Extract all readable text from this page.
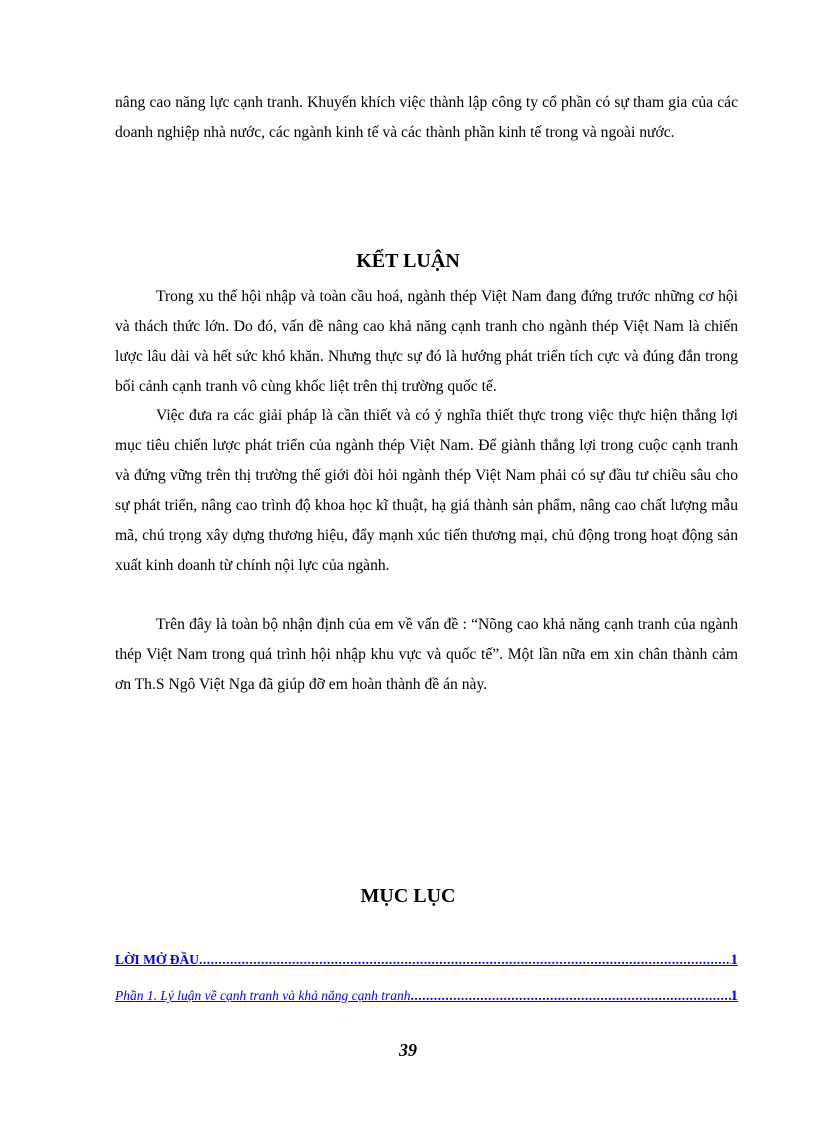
nâng cao năng lực cạnh tranh. Khuyến khích việc thành lập công ty cổ phần có sự tham gia của các doanh nghiệp nhà nước, các ngành kinh tế và các thành phần kinh tế trong và ngoài nước.

KẾT LUẬN

Trong xu thế hội nhập và toàn cầu hoá, ngành thép Việt Nam đang đứng trước những cơ hội và thách thức lớn. Do đó, vấn đề nâng cao khả năng cạnh tranh cho ngành thép Việt Nam là chiến lược lâu dài và hết sức khó khăn. Nhưng thực sự đó là hướng phát triển tích cực và đúng đắn trong bối cảnh cạnh tranh vô cùng khốc liệt trên thị trường quốc tế.

Việc đưa ra các giải pháp là cần thiết và có ý nghĩa thiết thực trong việc thực hiện thắng lợi mục tiêu chiến lược phát triển của ngành thép Việt Nam. Để giành thắng lợi trong cuộc cạnh tranh và đứng vững trên thị trường thế giới đòi hỏi ngành thép Việt Nam phải có sự đầu tư chiều sâu cho sự phát triển, nâng cao trình độ khoa học kĩ thuật, hạ giá thành sản phẩm, nâng cao chất lượng mẫu mã, chú trọng xây dựng thương hiệu, đẩy mạnh xúc tiến thương mại, chủ động trong hoạt động sản xuất kinh doanh từ chính nội lực của ngành.

Trên đây là toàn bộ nhận định của em về vấn đề : “Nõng cao khả năng cạnh tranh của ngành thép Việt Nam trong quá trình hội nhập khu vực và quốc tế”. Một lần nữa em xin chân thành cảm ơn Th.S Ngô Việt Nga đã giúp đỡ em hoàn thành đề án này.

MỤC LỤC
LỜI MỞ ĐẦU .....	1
Phần 1. Lý luận về cạnh tranh và khả năng cạnh tranh .....	1
39
